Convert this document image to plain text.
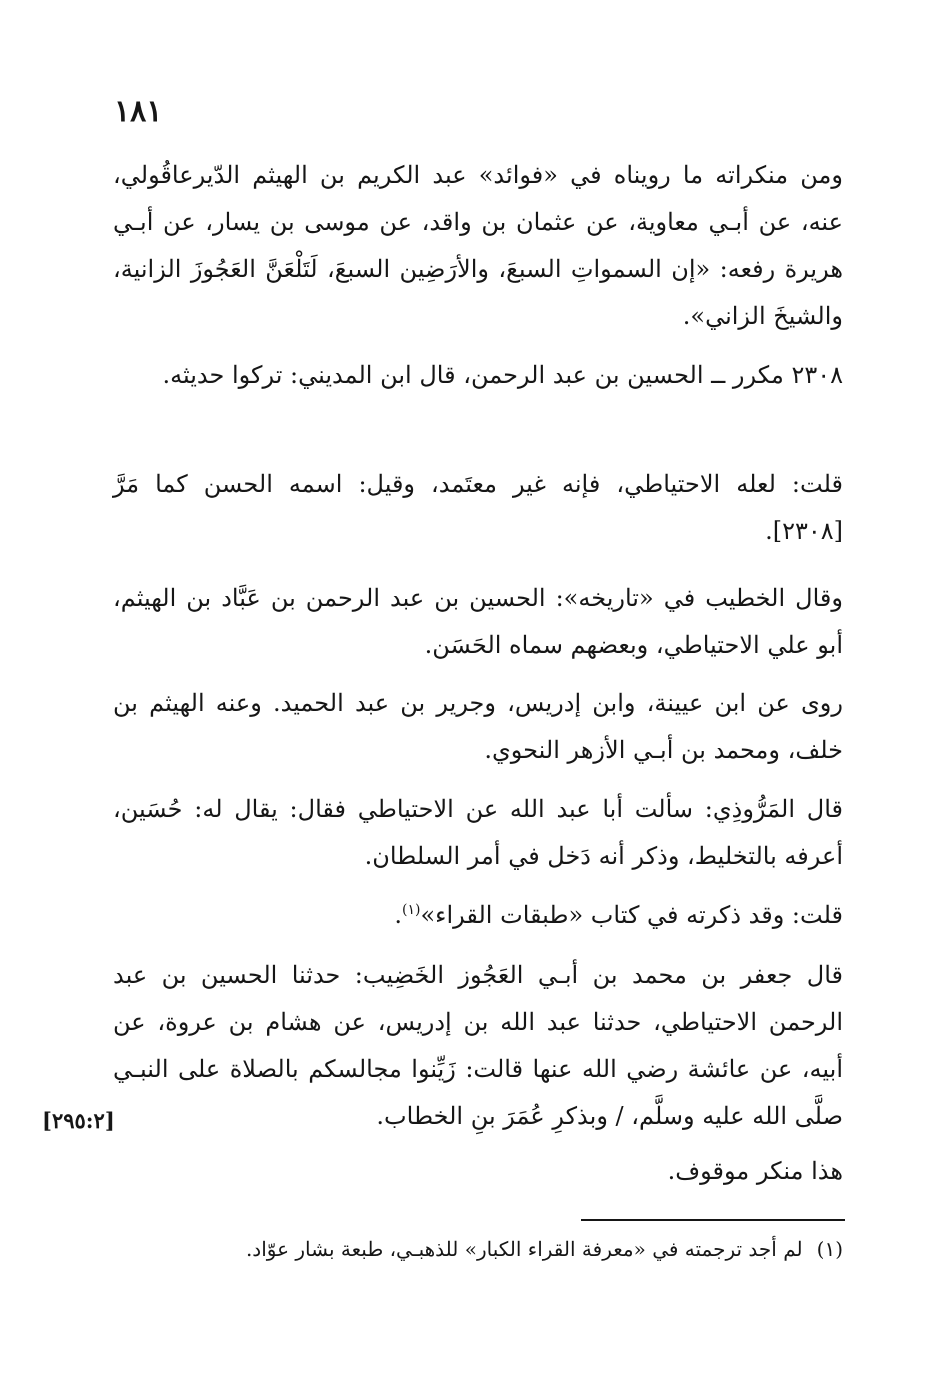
١٨١
ومن منكراته ما رويناه في «فوائد» عبد الكريم بن الهيثم الدّيرعاقُولي، عنه، عن أبـي معاوية، عن عثمان بن واقد، عن موسى بن يسار، عن أبـي هريرة رفعه: «إن السمواتِ السبعَ، والأرَضِين السبعَ، لَتَلْعَنَّ العَجُوزَ الزانية، والشيخَ الزاني».
٢٣٠٨ مكرر ــ الحسين بن عبد الرحمن، قال ابن المديني: تركوا حديثه.
قلت: لعله الاحتياطي، فإنه غير معتَمد، وقيل: اسمه الحسن كما مَرَّ [٢٣٠٨].
وقال الخطيب في «تاريخه»: الحسين بن عبد الرحمن بن عَبَّاد بن الهيثم، أبو علي الاحتياطي، وبعضهم سماه الحَسَن.
روى عن ابن عيينة، وابن إدريس، وجرير بن عبد الحميد. وعنه الهيثم بن خلف، ومحمد بن أبـي الأزهر النحوي.
قال المَرُّوذِي: سألت أبا عبد الله عن الاحتياطي فقال: يقال له: حُسَين، أعرفه بالتخليط، وذكر أنه دَخل في أمر السلطان.
قلت: وقد ذكرته في كتاب «طبقات القراء»$^{(١)}$.
قال جعفر بن محمد بن أبـي العَجُوز الخَضِيب: حدثنا الحسين بن عبد الرحمن الاحتياطي، حدثنا عبد الله بن إدريس، عن هشام بن عروة، عن أبيه، عن عائشة رضي الله عنها قالت: زَيِّنوا مجالسكم بالصلاة على النبـي صلَّى الله عليه وسلَّم، / وبذكرِ عُمَرَ بنِ الخطاب.
[٢٩٥:٢]
هذا منكر موقوف.
(١)لم أجد ترجمته في «معرفة القراء الكبار» للذهبـي، طبعة بشار عوّاد.
